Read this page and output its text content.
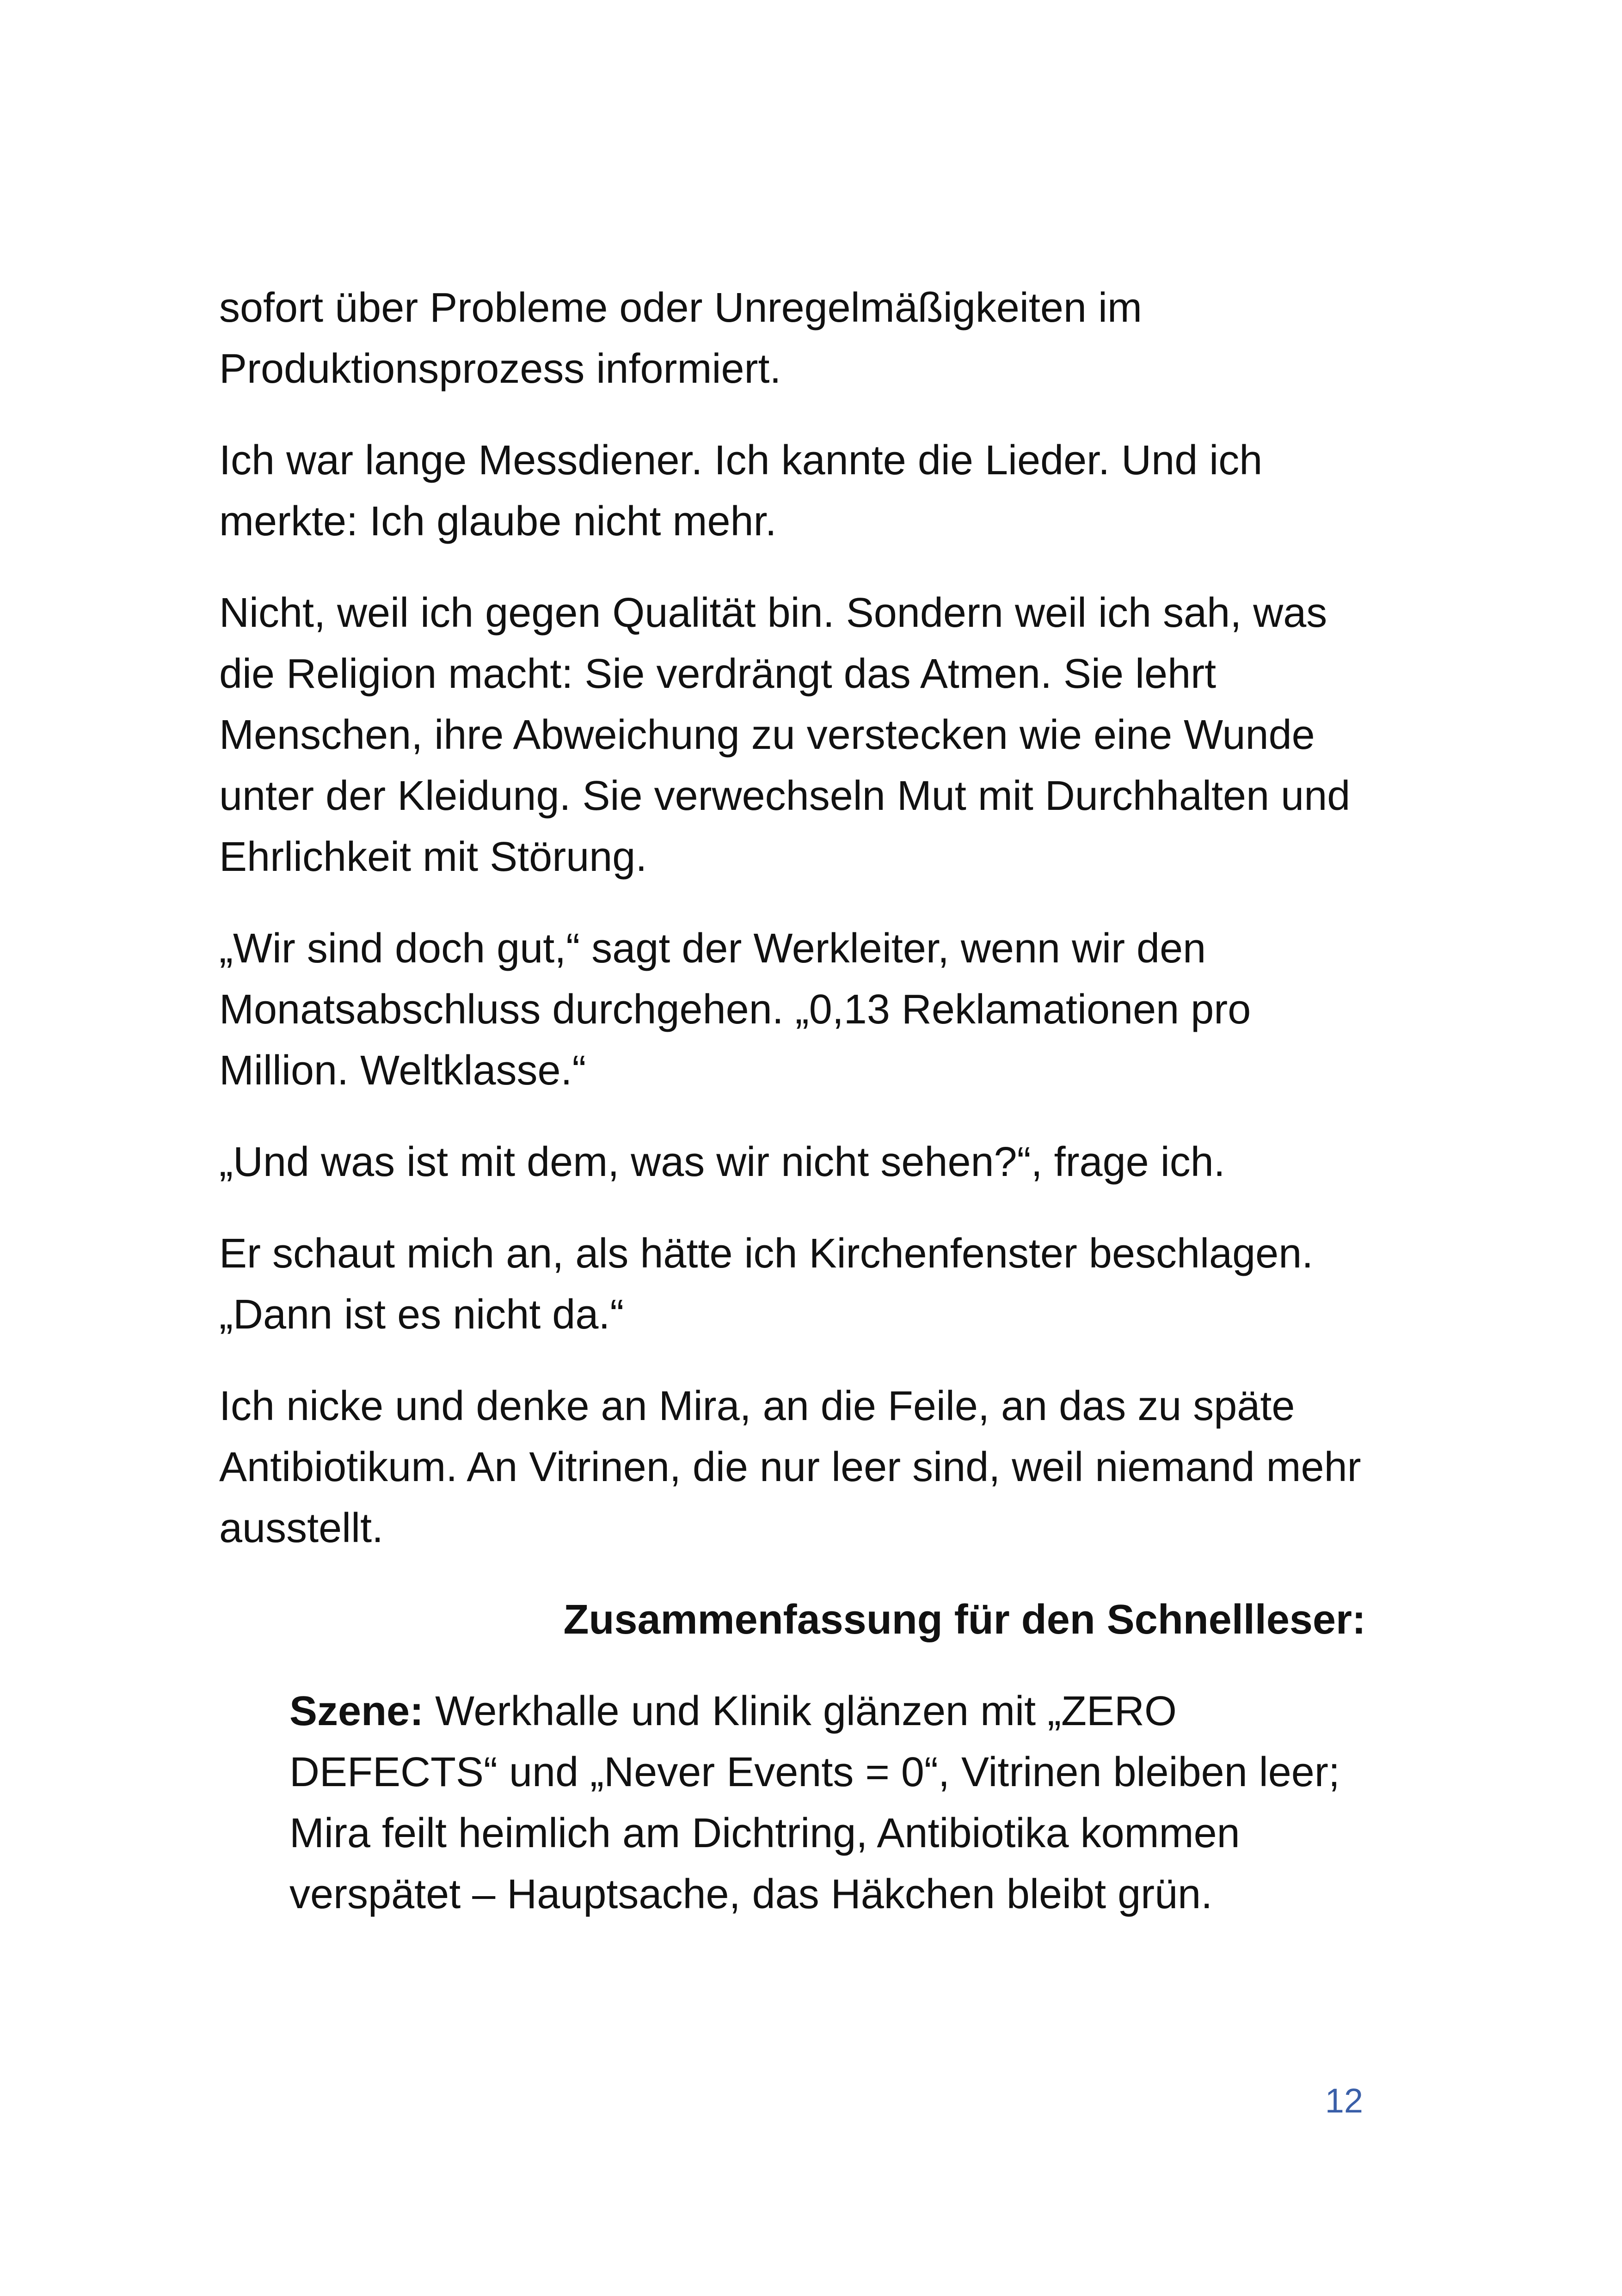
sofort über Probleme oder Unregelmäßigkeiten im Produktionsprozess informiert.

Ich war lange Messdiener. Ich kannte die Lieder. Und ich merkte: Ich glaube nicht mehr.

Nicht, weil ich gegen Qualität bin. Sondern weil ich sah, was die Religion macht: Sie verdrängt das Atmen. Sie lehrt Menschen, ihre Abweichung zu verstecken wie eine Wunde unter der Kleidung. Sie verwechseln Mut mit Durchhalten und Ehrlichkeit mit Störung.

„Wir sind doch gut,“ sagt der Werkleiter, wenn wir den Monatsabschluss durchgehen. „0,13 Reklamationen pro Million. Weltklasse.“

„Und was ist mit dem, was wir nicht sehen?“, frage ich.

Er schaut mich an, als hätte ich Kirchenfenster beschlagen. „Dann ist es nicht da.“

Ich nicke und denke an Mira, an die Feile, an das zu späte Antibiotikum. An Vitrinen, die nur leer sind, weil niemand mehr ausstellt.

Zusammenfassung für den Schnellleser:

Szene: Werkhalle und Klinik glänzen mit „ZERO DEFECTS“ und „Never Events = 0“, Vitrinen bleiben leer; Mira feilt heimlich am Dichtring, Antibiotika kommen verspätet – Hauptsache, das Häkchen bleibt grün.
12
